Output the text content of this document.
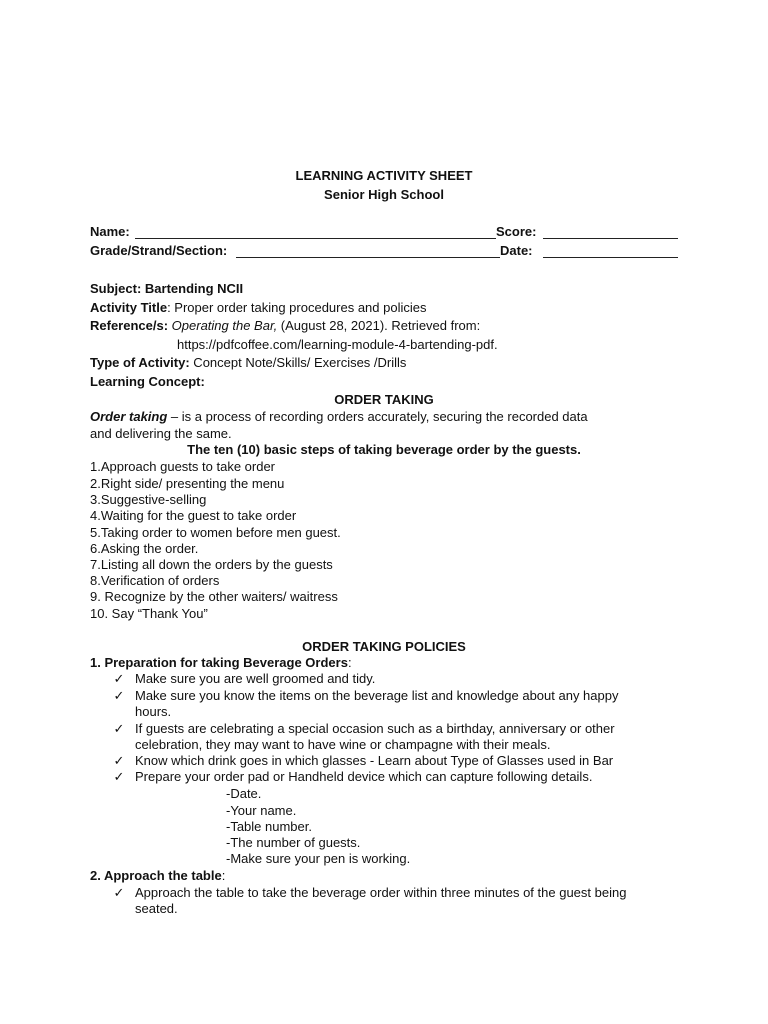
LEARNING ACTIVITY SHEET
Senior High School
Name:	Score:
Grade/Strand/Section:	Date:
Subject: Bartending NCII
Activity Title: Proper order taking procedures and policies
Reference/s: Operating the Bar, (August 28, 2021). Retrieved from:
https://pdfcoffee.com/learning-module-4-bartending-pdf.
Type of Activity: Concept Note/Skills/ Exercises /Drills
Learning Concept:
ORDER TAKING
Order taking – is a process of recording orders accurately, securing the recorded data
and delivering the same.
The ten (10) basic steps of taking beverage order by the guests.
1.Approach guests to take order
2.Right side/ presenting the menu
3.Suggestive-selling
4.Waiting for the guest to take order
5.Taking order to women before men guest.
6.Asking the order.
7.Listing all down the orders by the guests
8.Verification of orders
9. Recognize by the other waiters/ waitress
10. Say “Thank You”
ORDER TAKING POLICIES
1. Preparation for taking Beverage Orders:
✓ Make sure you are well groomed and tidy.
✓ Make sure you know the items on the beverage list and knowledge about any happy
hours.
✓ If guests are celebrating a special occasion such as a birthday, anniversary or other
celebration, they may want to have wine or champagne with their meals.
✓ Know which drink goes in which glasses - Learn about Type of Glasses used in Bar
✓ Prepare your order pad or Handheld device which can capture following details.
-Date.
-Your name.
-Table number.
-The number of guests.
-Make sure your pen is working.
2. Approach the table:
✓ Approach the table to take the beverage order within three minutes of the guest being
seated.
